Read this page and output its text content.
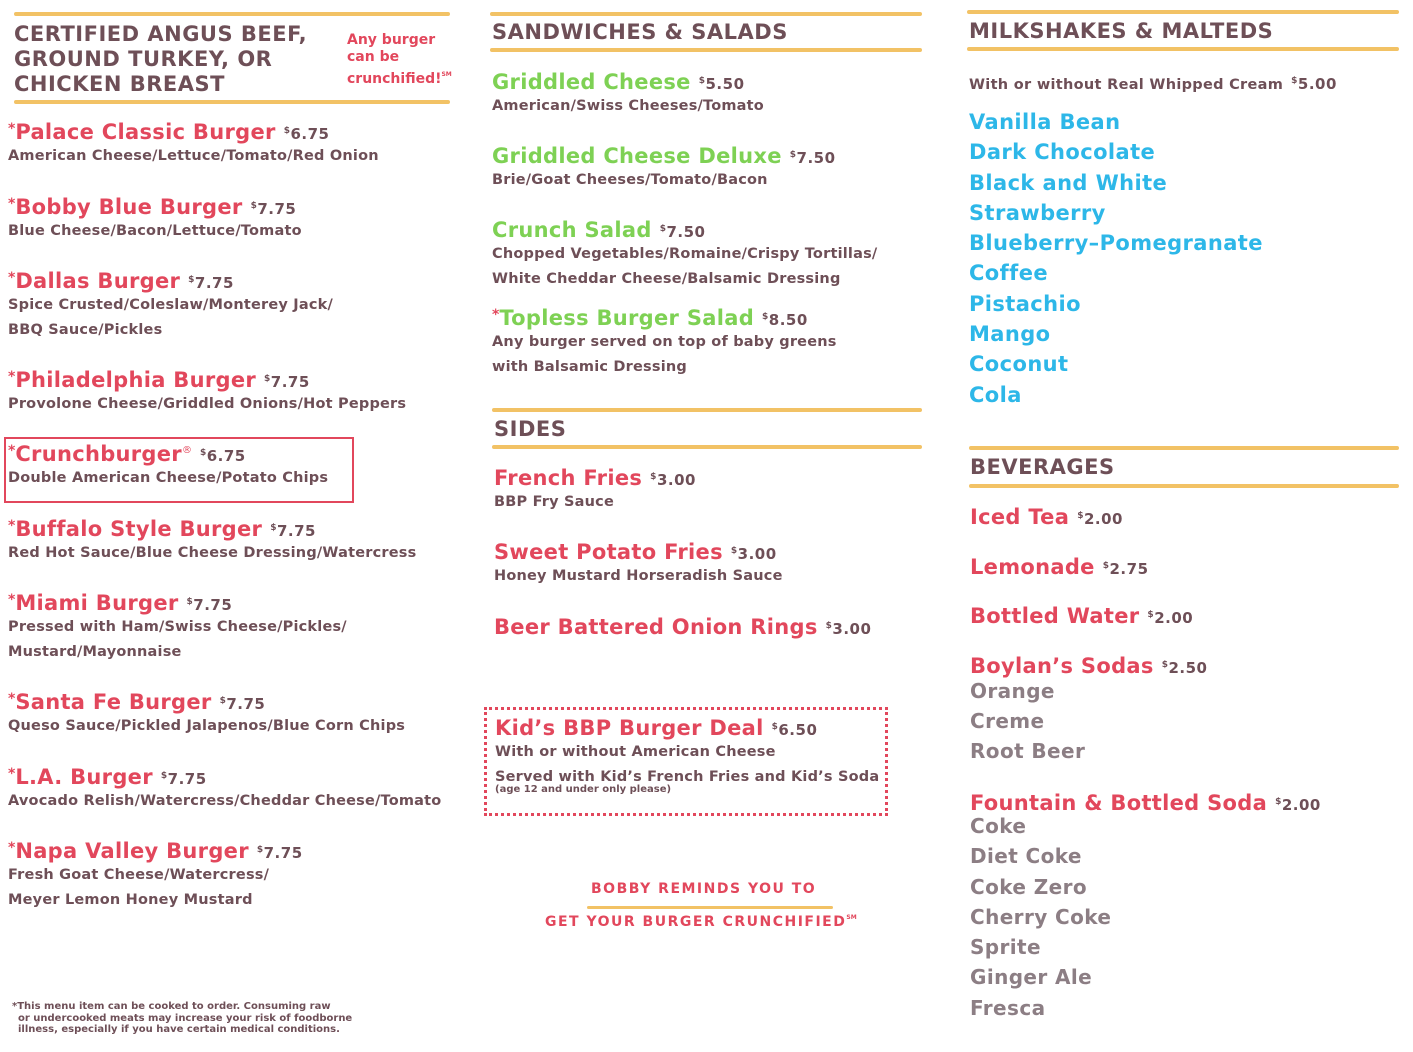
CERTIFIED ANGUS BEEF,
GROUND TURKEY, OR
CHICKEN BREAST
Any burger
can be
crunchified!℠
*Palace Classic Burger $6.75
American Cheese/Lettuce/Tomato/Red Onion
*Bobby Blue Burger $7.75
Blue Cheese/Bacon/Lettuce/Tomato
*Dallas Burger $7.75
Spice Crusted/Coleslaw/Monterey Jack/
BBQ Sauce/Pickles
*Philadelphia Burger $7.75
Provolone Cheese/Griddled Onions/Hot Peppers
*Crunchburger® $6.75
Double American Cheese/Potato Chips
*Buffalo Style Burger $7.75
Red Hot Sauce/Blue Cheese Dressing/Watercress
*Miami Burger $7.75
Pressed with Ham/Swiss Cheese/Pickles/
Mustard/Mayonnaise
*Santa Fe Burger $7.75
Queso Sauce/Pickled Jalapenos/Blue Corn Chips
*L.A. Burger $7.75
Avocado Relish/Watercress/Cheddar Cheese/Tomato
*Napa Valley Burger $7.75
Fresh Goat Cheese/Watercress/
Meyer Lemon Honey Mustard
*This menu item can be cooked to order. Consuming raw
or undercooked meats may increase your risk of foodborne
illness, especially if you have certain medical conditions.
SANDWICHES & SALADS
Griddled Cheese $5.50
American/Swiss Cheeses/Tomato
Griddled Cheese Deluxe $7.50
Brie/Goat Cheeses/Tomato/Bacon
Crunch Salad $7.50
Chopped Vegetables/Romaine/Crispy Tortillas/
White Cheddar Cheese/Balsamic Dressing
*Topless Burger Salad $8.50
Any burger served on top of baby greens
with Balsamic Dressing
SIDES
French Fries $3.00
BBP Fry Sauce
Sweet Potato Fries $3.00
Honey Mustard Horseradish Sauce
Beer Battered Onion Rings $3.00
Kid’s BBP Burger Deal $6.50
With or without American Cheese
Served with Kid’s French Fries and Kid’s Soda
(age 12 and under only please)
BOBBY REMINDS YOU TO
GET YOUR BURGER CRUNCHIFIED℠
MILKSHAKES & MALTEDS
With or without Real Whipped Cream $5.00
Vanilla Bean
Dark Chocolate
Black and White
Strawberry
Blueberry–Pomegranate
Coffee
Pistachio
Mango
Coconut
Cola
BEVERAGES
Iced Tea $2.00
Lemonade $2.75
Bottled Water $2.00
Boylan’s Sodas $2.50
Orange
Creme
Root Beer
Fountain & Bottled Soda $2.00
Coke
Diet Coke
Coke Zero
Cherry Coke
Sprite
Ginger Ale
Fresca
